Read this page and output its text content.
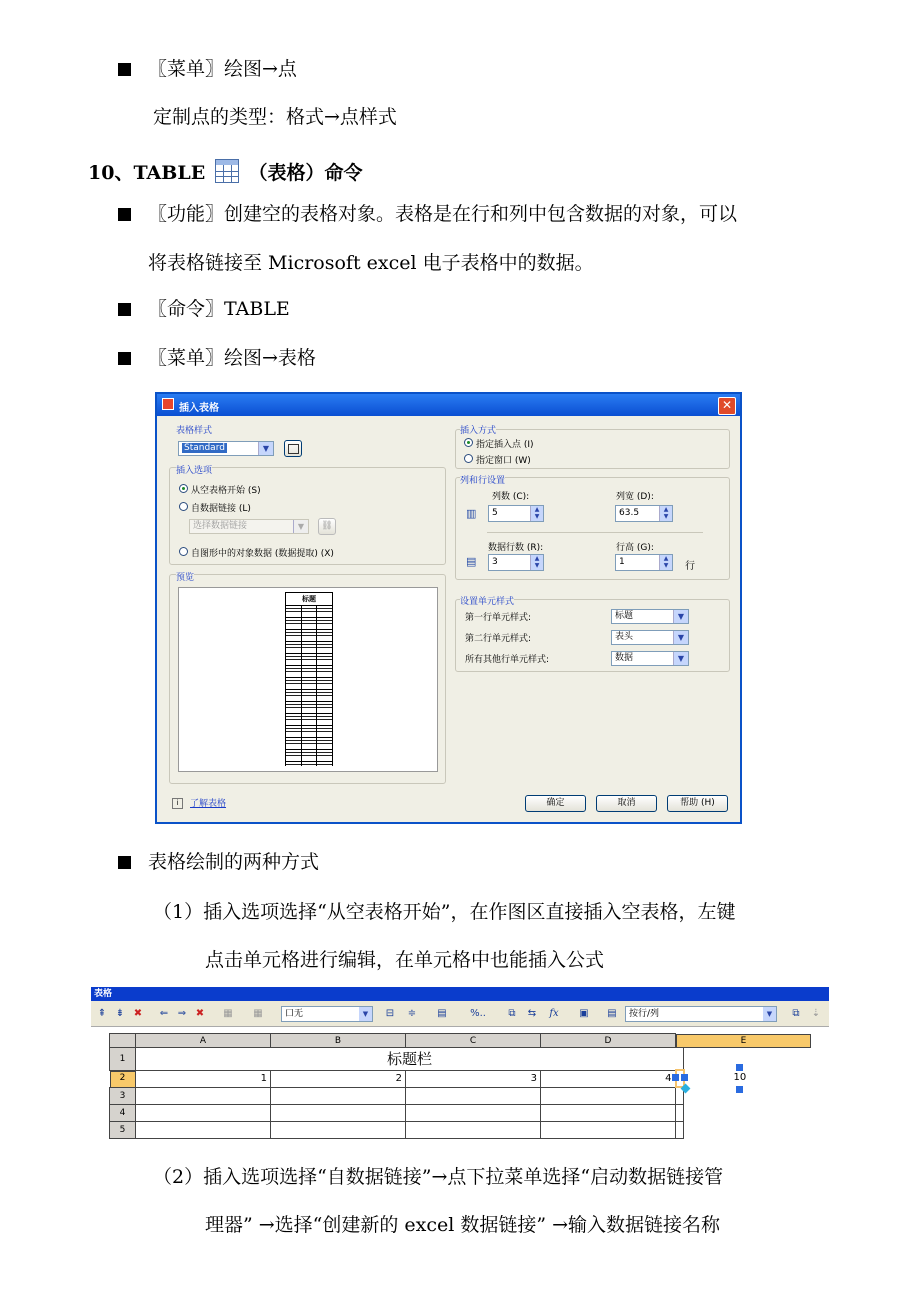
〖菜单〗绘图→点
定制点的类型：格式→点样式
10、TABLE （表格）命令
〖功能〗创建空的表格对象。表格是在行和列中包含数据的对象，可以
将表格链接至 Microsoft excel 电子表格中的数据。
〖命令〗TABLE
〖菜单〗绘图→表格
插入表格	✕
表格样式
Standard	▼
插入选项
从空表格开始 (S)
自数据链接 (L)
选择数据链接	▼	⛓
自图形中的对象数据 (数据提取) (X)
预览
标题
插入方式
指定插入点 (I)
指定窗口 (W)
列和行设置
列数 (C):
▥	5	▲
▼
列宽 (D):
63.5	▲
▼
数据行数 (R):
▤	3	▲
▼
行高 (G):
1	▲
▼	行
设置单元样式
第一行单元样式:	标题	▼
第二行单元样式:	表头	▼
所有其他行单元样式:	数据	▼
i	了解表格	确定	取消	帮助 (H)
表格绘制的两种方式
（1）插入选项选择“从空表格开始”，在作图区直接插入空表格，左键
点击单元格进行编辑，在单元格中也能插入公式
表格
⇞ ⇟ ✖ ⇐ ⇒ ✖ ▦ ▦	口无	▼	⊟ ≑ ▤	%..	⧉	⇆ fx ▣ ▤	按行/列	▼	⧉	⇣
	A	B	C	D		E

1	标题栏				

2	1	2	3	4	10

3					
4					
5					
（2）插入选项选择“自数据链接”→点下拉菜单选择“启动数据链接管
理器” →选择“创建新的 excel 数据链接” →输入数据链接名称
